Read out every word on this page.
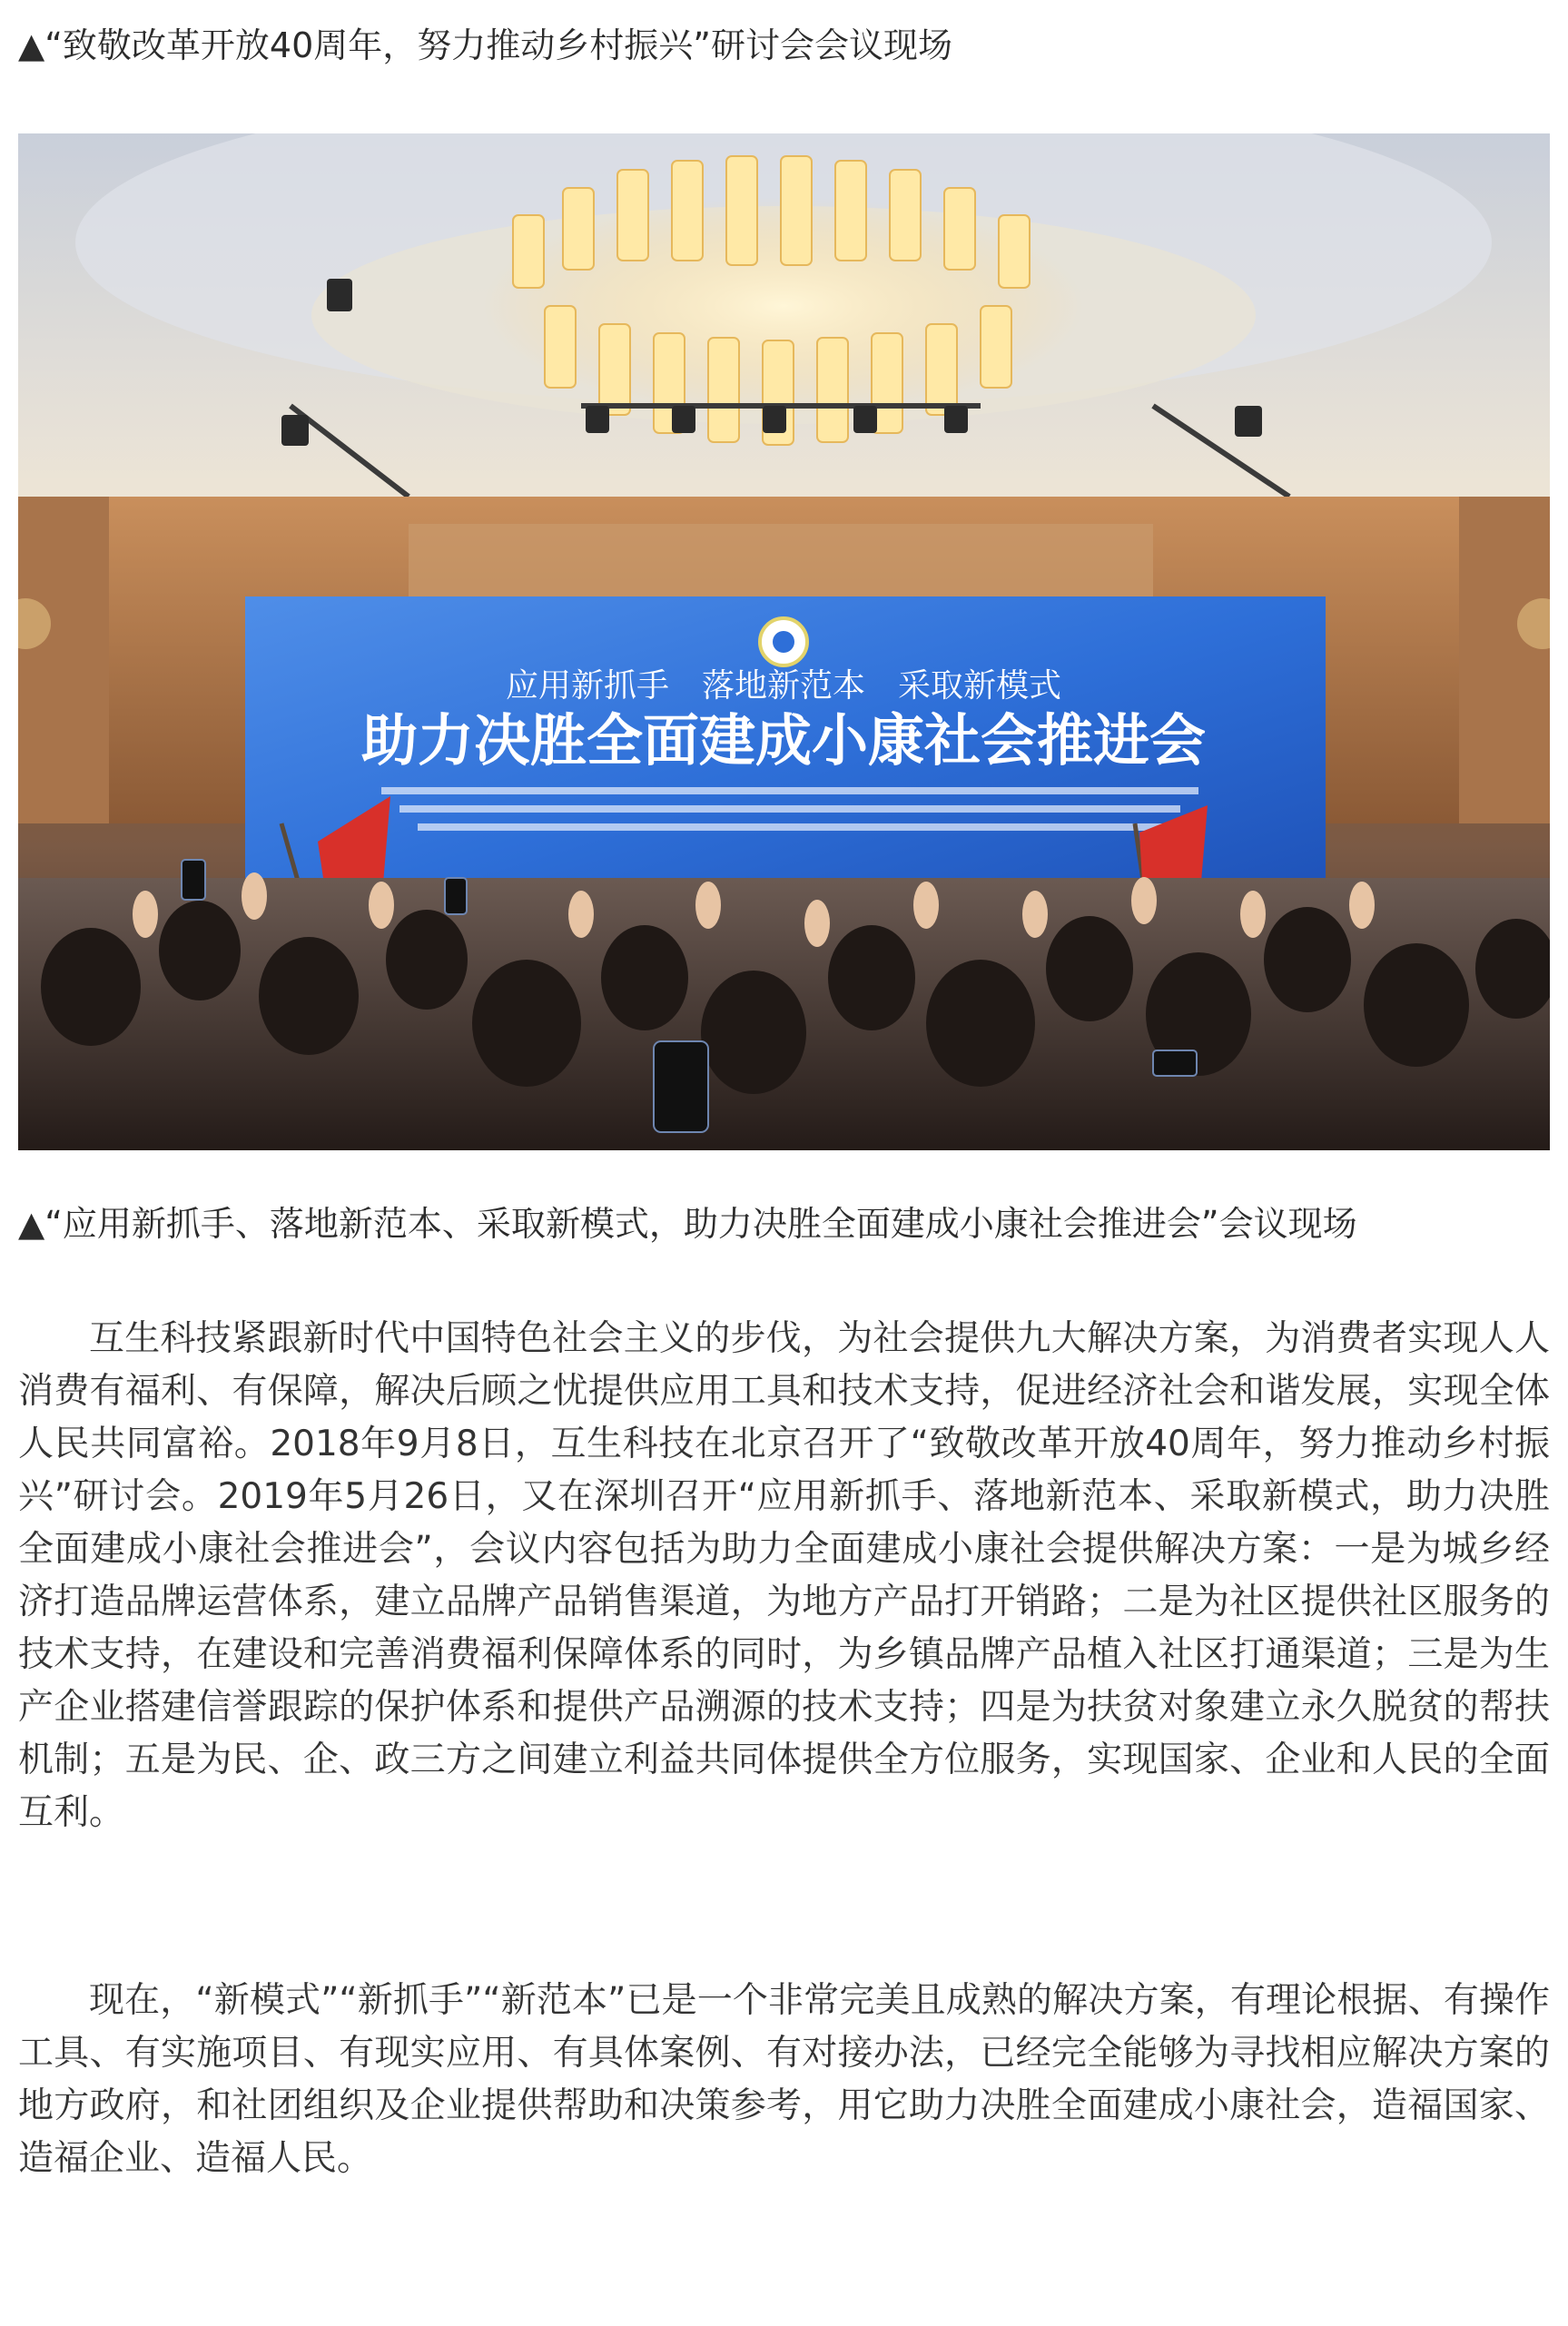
▲“致敬改革开放40周年，努力推动乡村振兴”研讨会会议现场
应用新抓手　落地新范本　采取新模式
助力决胜全面建成小康社会推进会
▲“应用新抓手、落地新范本、采取新模式，助力决胜全面建成小康社会推进会”会议现场

互生科技紧跟新时代中国特色社会主义的步伐，为社会提供九大解决方案，为消费者实现人人消费有福利、有保障，解决后顾之忧提供应用工具和技术支持，促进经济社会和谐发展，实现全体人民共同富裕。2018年9月8日，互生科技在北京召开了“致敬改革开放40周年，努力推动乡村振兴”研讨会。2019年5月26日，又在深圳召开“应用新抓手、落地新范本、采取新模式，助力决胜全面建成小康社会推进会”，会议内容包括为助力全面建成小康社会提供解决方案：一是为城乡经济打造品牌运营体系，建立品牌产品销售渠道，为地方产品打开销路；二是为社区提供社区服务的技术支持，在建设和完善消费福利保障体系的同时，为乡镇品牌产品植入社区打通渠道；三是为生产企业搭建信誉跟踪的保护体系和提供产品溯源的技术支持；四是为扶贫对象建立永久脱贫的帮扶机制；五是为民、企、政三方之间建立利益共同体提供全方位服务，实现国家、企业和人民的全面互利。

现在，“新模式”“新抓手”“新范本”已是一个非常完美且成熟的解决方案，有理论根据、有操作工具、有实施项目、有现实应用、有具体案例、有对接办法，已经完全能够为寻找相应解决方案的地方政府，和社团组织及企业提供帮助和决策参考，用它助力决胜全面建成小康社会，造福国家、造福企业、造福人民。
